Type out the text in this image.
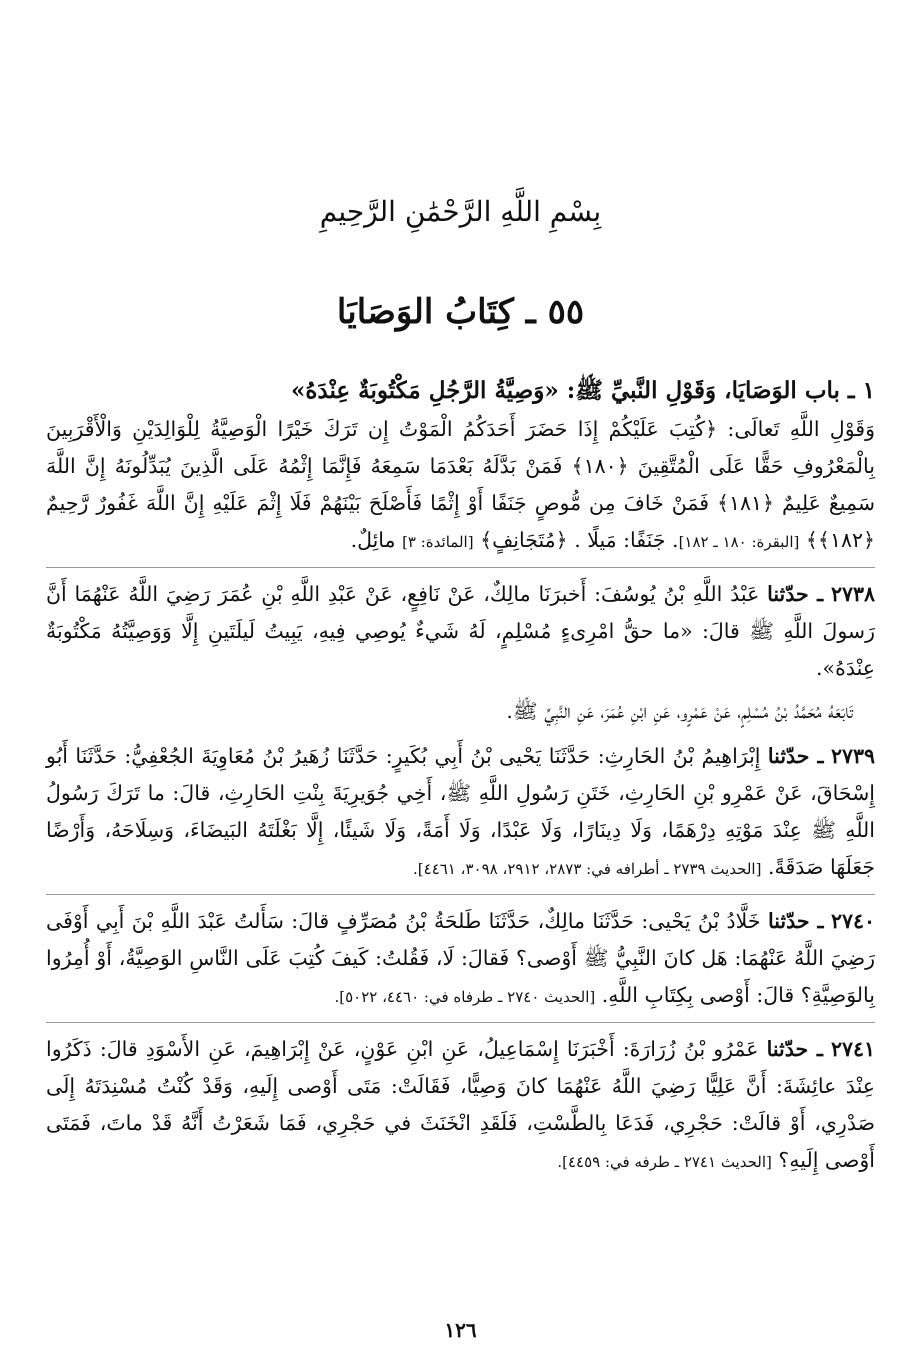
بِسْمِ اللَّهِ الرَّحْمَٰنِ الرَّحِيمِ
٥٥ ـ كِتَابُ الوَصَايَا

١ ـ باب الوَصَايَا، وَقَوْلِ النَّبيِّ ﷺ: «وَصِيَّةُ الرَّجُلِ مَكْتُوبَةٌ عِنْدَهُ»

وَقَوْلِ اللَّهِ تَعالَى: ﴿كُتِبَ عَلَيْكُمْ إِذَا حَضَرَ أَحَدَكُمُ الْمَوْتُ إِن تَرَكَ خَيْرًا الْوَصِيَّةُ لِلْوَالِدَيْنِ وَالْأَقْرَبِينَ بِالْمَعْرُوفِ حَقًّا عَلَى الْمُتَّقِينَ ﴿١٨٠﴾ فَمَنْ بَدَّلَهُ بَعْدَمَا سَمِعَهُ فَإِنَّمَا إِثْمُهُ عَلَى الَّذِينَ يُبَدِّلُونَهُ إِنَّ اللَّهَ سَمِيعٌ عَلِيمٌ ﴿١٨١﴾ فَمَنْ خَافَ مِن مُّوصٍ جَنَفًا أَوْ إِثْمًا فَأَصْلَحَ بَيْنَهُمْ فَلَا إِثْمَ عَلَيْهِ إِنَّ اللَّهَ غَفُورٌ رَّحِيمٌ ﴿١٨٢﴾﴾ [البقرة: ١٨٠ ـ ١٨٢]. جَنَفًا: مَيلًا . ﴿مُتَجَانِفٍ﴾ [المائدة: ٣] مائِلٌ.

٢٧٣٨ ـ حدّثنا عَبْدُ اللَّهِ بْنُ يُوسُفَ: أَخبرَنَا مالِكٌ، عَنْ نَافِعٍ، عَنْ عَبْدِ اللَّهِ بْنِ عُمَرَ رَضِيَ اللَّهُ عَنْهُمَا أَنَّ رَسولَ اللَّهِ ﷺ قالَ: «ما حقُّ امْرِىءٍ مُسْلِمٍ، لَهُ شَيءٌ يُوصِي فِيهِ، يَبِيتُ لَيلَتَينِ إِلَّا وَوَصِيَّتُهُ مَكْتُوبَةٌ عِنْدَهُ».

تَابَعَهُ مُحَمَّدُ بْنُ مُسْلِمٍ، عَنْ عَمْرٍو، عَنِ ابْنِ عُمَرَ، عَنِ النَّبِيِّ ﷺ.

٢٧٣٩ ـ حدّثنا إِبْرَاهِيمُ بْنُ الحَارِثِ: حَدَّثَنَا يَحْيى بْنُ أَبِي بُكَيرٍ: حَدَّثَنَا زُهَيرُ بْنُ مُعَاوِيَةَ الجُعْفِيُّ: حَدَّثَنَا أَبُو إِسْحَاقَ، عَنْ عَمْرِو بْنِ الحَارِثِ، خَتَنِ رَسُولِ اللَّهِ ﷺ، أَخِي جُوَيرِيَةَ بِنْتِ الحَارِثِ، قالَ: ما تَرَكَ رَسُولُ اللَّهِ ﷺ عِنْدَ مَوْتِهِ دِرْهَمًا، وَلَا دِينَارًا، وَلَا عَبْدًا، وَلَا أَمَةً، وَلَا شَيئًا، إِلَّا بَغْلَتَهُ البَيضَاءَ، وَسِلَاحَهُ، وَأَرْضًا جَعَلَهَا صَدَقَةً. [الحديث ٢٧٣٩ ـ أطرافه في: ٢٨٧٣، ٢٩١٢، ٣٠٩٨، ٤٤٦١].

٢٧٤٠ ـ حدّثنا خَلَّادُ بْنُ يَحْيى: حَدَّثَنَا مالِكٌ، حَدَّثَنَا طَلحَةُ بْنُ مُصَرِّفٍ قالَ: سَأَلتُ عَبْدَ اللَّهِ بْنَ أَبِي أَوْفَى رَضِيَ اللَّهُ عَنْهُمَا: هَل كانَ النَّبِيُّ ﷺ أَوْصى؟ فَقالَ: لَا، فَقُلتُ: كَيفَ كُتِبَ عَلَى النَّاسِ الوَصِيَّةُ، أَوْ أُمِرُوا بِالوَصِيَّةِ؟ قالَ: أَوْصى بِكِتَابِ اللَّهِ. [الحديث ٢٧٤٠ ـ طرفاه في: ٤٤٦٠، ٥٠٢٢].

٢٧٤١ ـ حدّثنا عَمْرُو بْنُ زُرَارَةَ: أَخْبَرَنَا إِسْمَاعِيلُ، عَنِ ابْنِ عَوْنٍ، عَنْ إِبْرَاهِيمَ، عَنِ الأَسْوَدِ قالَ: ذَكَرُوا عِنْدَ عائِشَةَ: أَنَّ عَلِيًّا رَضِيَ اللَّهُ عَنْهُمَا كانَ وَصِيًّا، فَقَالَتْ: مَتَى أَوْصى إِلَيهِ، وَقَدْ كُنْتُ مُسْنِدَتَهُ إِلَى صَدْرِي، أَوْ قالَتْ: حَجْرِي، فَدَعَا بِالطَّسْتِ، فَلَقَدِ انْخَنَثَ في حَجْرِي، فَمَا شَعَرْتُ أَنَّهُ قَدْ ماتَ، فَمَتَى أَوْصى إِلَيهِ؟ [الحديث ٢٧٤١ ـ طرفه في: ٤٤٥٩].

١٢٦
